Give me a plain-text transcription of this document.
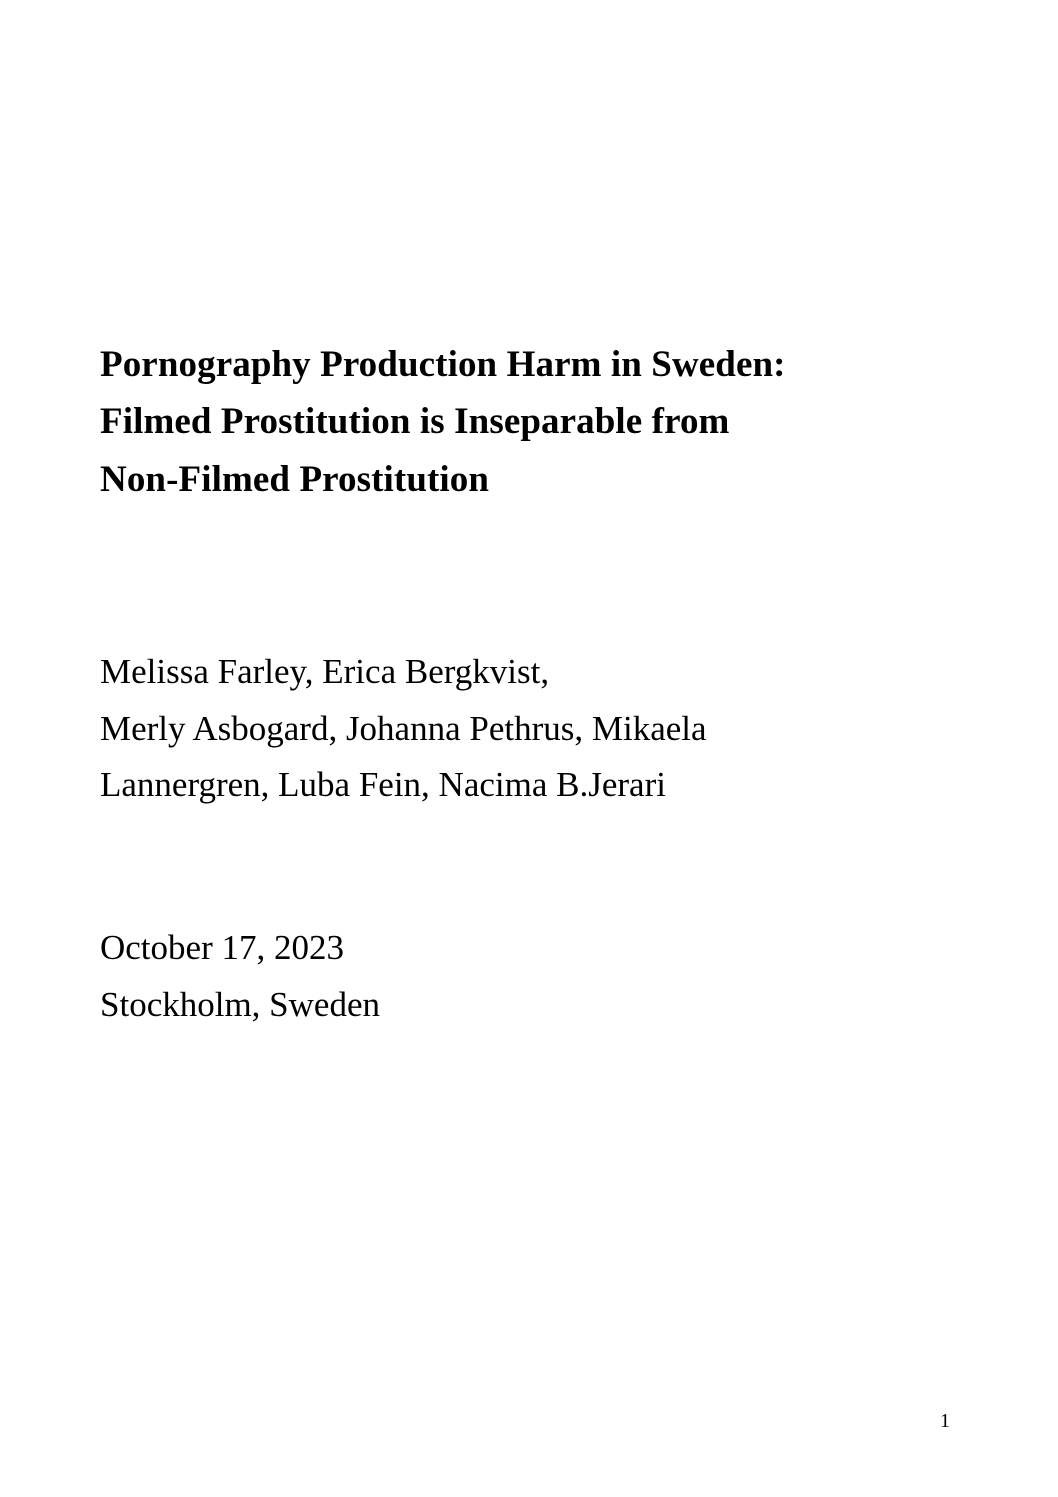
Pornography Production Harm in Sweden:
Filmed Prostitution is Inseparable from
Non-Filmed Prostitution
Melissa Farley, Erica Bergkvist,
Merly Asbogard, Johanna Pethrus, Mikaela
Lannergren, Luba Fein, Nacima B.Jerari
October 17, 2023
Stockholm, Sweden
1
